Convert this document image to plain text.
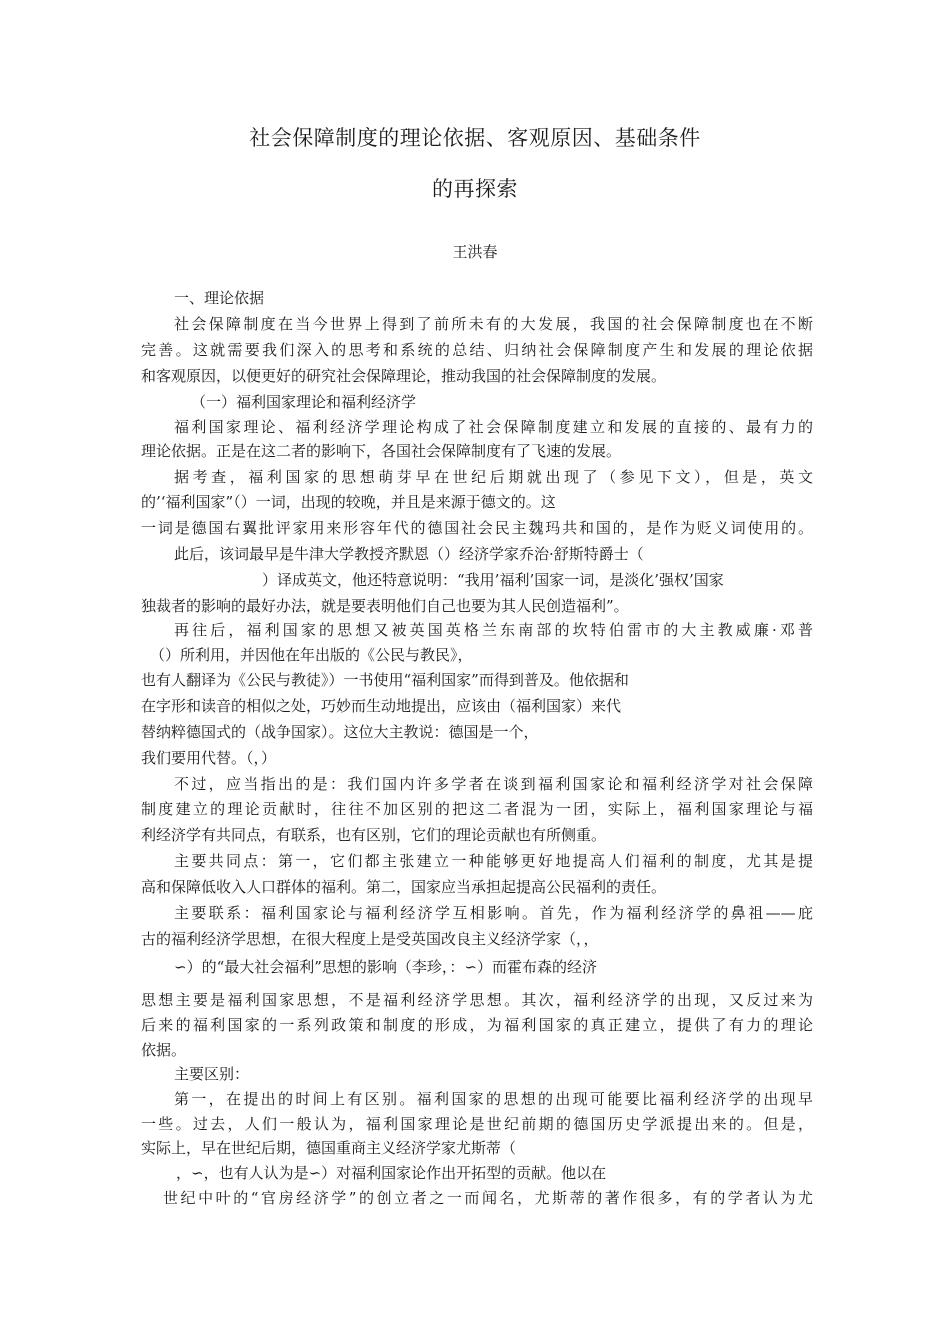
社会保障制度的理论依据、客观原因、基础条件
的再探索
王洪春
一、理论依据
社会保障制度在当今世界上得到了前所未有的大发展，我国的社会保障制度也在不断
完善。这就需要我们深入的思考和系统的总结、归纳社会保障制度产生和发展的理论依据
和客观原因，以便更好的研究社会保障理论，推动我国的社会保障制度的发展。
（一）福利国家理论和福利经济学
福利国家理论、福利经济学理论构成了社会保障制度建立和发展的直接的、最有力的
理论依据。正是在这二者的影响下，各国社会保障制度有了飞速的发展。
据考查，福利国家的思想萌芽早在世纪后期就出现了（参见下文），但是，英文
的’‘福利国家”（）一词，出现的较晚，并且是来源于德文的。这
一词是德国右翼批评家用来形容年代的德国社会民主魏玛共和国的，是作为贬义词使用的。
此后，该词最早是牛津大学教授齐默恩（）经济学家乔治·舒斯特爵士（
）译成英文，他还特意说明：“我用’福利’国家一词，是淡化’强权’国家
独裁者的影响的最好办法，就是要表明他们自己也要为其人民创造福利”。
再往后，福利国家的思想又被英国英格兰东南部的坎特伯雷市的大主教威廉·邓普
（）所利用，并因他在年出版的《公民与教民》，
也有人翻译为《公民与教徒》）一书使用“福利国家”而得到普及。他依据和
在字形和读音的相似之处，巧妙而生动地提出，应该由（福利国家）来代
替纳粹德国式的（战争国家）。这位大主教说：德国是一个，
我们要用代替。（，）
不过，应当指出的是：我们国内许多学者在谈到福利国家论和福利经济学对社会保障
制度建立的理论贡献时，往往不加区别的把这二者混为一团，实际上，福利国家理论与福
利经济学有共同点，有联系，也有区别，它们的理论贡献也有所侧重。
主要共同点：第一，它们都主张建立一种能够更好地提高人们福利的制度，尤其是提
高和保障低收入人口群体的福利。第二，国家应当承担起提高公民福利的责任。
主要联系：福利国家论与福利经济学互相影响。首先，作为福利经济学的鼻祖——庇
古的福利经济学思想，在很大程度上是受英国改良主义经济学家（，，
∽）的“最大社会福利”思想的影响（李珍，：∽）而霍布森的经济
思想主要是福利国家思想，不是福利经济学思想。其次，福利经济学的出现，又反过来为
后来的福利国家的一系列政策和制度的形成，为福利国家的真正建立，提供了有力的理论
依据。
主要区别：
第一，在提出的时间上有区别。福利国家的思想的出现可能要比福利经济学的出现早
一些。过去，人们一般认为，福利国家理论是世纪前期的德国历史学派提出来的。但是，
实际上，早在世纪后期，德国重商主义经济学家尤斯蒂（
，∽，也有人认为是∽）对福利国家论作出开拓型的贡献。他以在
世纪中叶的“官房经济学”的创立者之一而闻名，尤斯蒂的著作很多，有的学者认为尤
